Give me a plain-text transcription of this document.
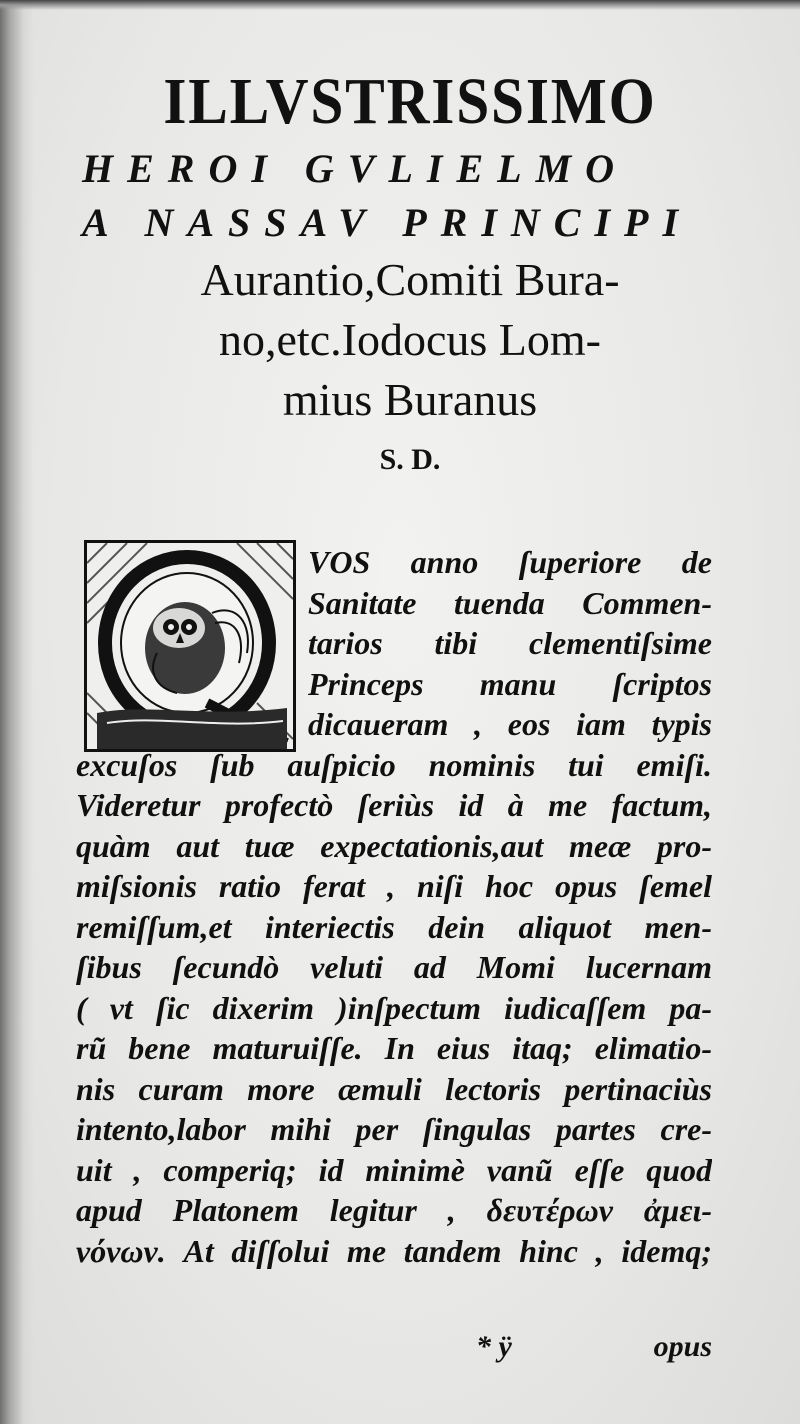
ILLVSTRISSIMO
HEROI GVLIELMO
A NASSAV PRINCIPI
Aurantio,Comiti Bura-
no,etc.Iodocus Lom-
mius Buranus
S. D.
VOS anno ſuperiore de
Sanitate tuenda Commen-
tarios tibi clementiſsime
Princeps manu ſcriptos
dicaueram , eos iam typis
excuſos ſub auſpicio nominis tui emiſi.
Videretur profectò ſeriùs id à me factum,
quàm aut tuæ expectationis,aut meæ pro-
miſsionis ratio ferat , niſi hoc opus ſemel
remiſſum,et interiectis dein aliquot men-
ſibus ſecundò veluti ad Momi lucernam
( vt ſic dixerim )inſpectum iudicaſſem pa-
rũ bene maturuiſſe. In eius itaq; elimatio-
nis curam more æmuli lectoris pertinaciùs
intento,labor mihi per ſingulas partes cre-
uit , comperiq; id minimè vanũ eſſe quod
apud Platonem legitur , δευτέρων ἀμει-
νόνων. At diſſolui me tandem hinc , idemq;
* ÿ	opus
